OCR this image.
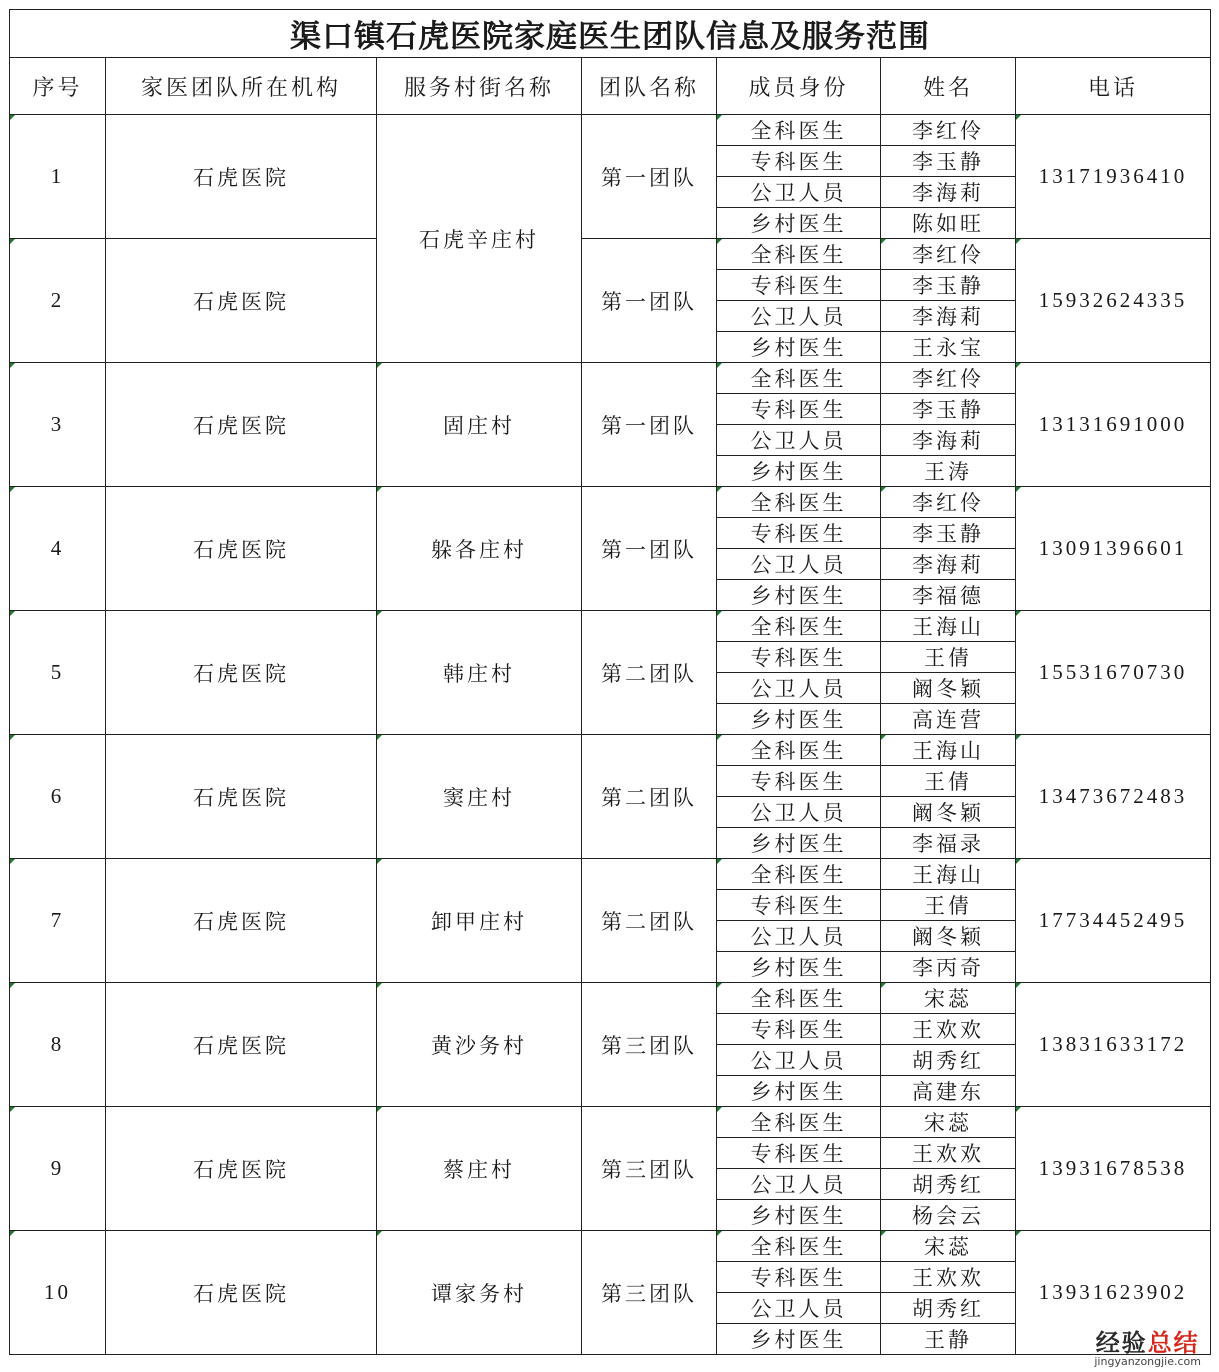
渠口镇石虎医院家庭医生团队信息及服务范围						
序号	家医团队所在机构	服务村街名称	团队名称	成员身份	姓名	电话

1	石虎医院	石虎辛庄村	第一团队	全科医生	李红伶	13171936410
				专科医生	李玉静	
				公卫人员	李海莉	
				乡村医生	陈如旺	

2	石虎医院		第一团队	全科医生	李红伶	15932624335
				专科医生	李玉静	
				公卫人员	李海莉	
				乡村医生	王永宝	

3	石虎医院	固庄村	第一团队	全科医生	李红伶	13131691000
				专科医生	李玉静	
				公卫人员	李海莉	
				乡村医生	王涛	

4	石虎医院	躲各庄村	第一团队	全科医生	李红伶	13091396601
				专科医生	李玉静	
				公卫人员	李海莉	
				乡村医生	李福德	

5	石虎医院	韩庄村	第二团队	全科医生	王海山	15531670730
				专科医生	王倩	
				公卫人员	阚冬颖	
				乡村医生	高连营	

6	石虎医院	窦庄村	第二团队	全科医生	王海山	13473672483
				专科医生	王倩	
				公卫人员	阚冬颖	
				乡村医生	李福录	

7	石虎医院	卸甲庄村	第二团队	全科医生	王海山	17734452495
				专科医生	王倩	
				公卫人员	阚冬颖	
				乡村医生	李丙奇	

8	石虎医院	黄沙务村	第三团队	全科医生	宋蕊	13831633172
				专科医生	王欢欢	
				公卫人员	胡秀红	
				乡村医生	高建东	

9	石虎医院	蔡庄村	第三团队	全科医生	宋蕊	13931678538
				专科医生	王欢欢	
				公卫人员	胡秀红	
				乡村医生	杨会云	

10	石虎医院	谭家务村	第三团队	全科医生	宋蕊	13931623902
				专科医生	王欢欢	
				公卫人员	胡秀红	
				乡村医生	王静		经验总结
jingyanzongjie.com
